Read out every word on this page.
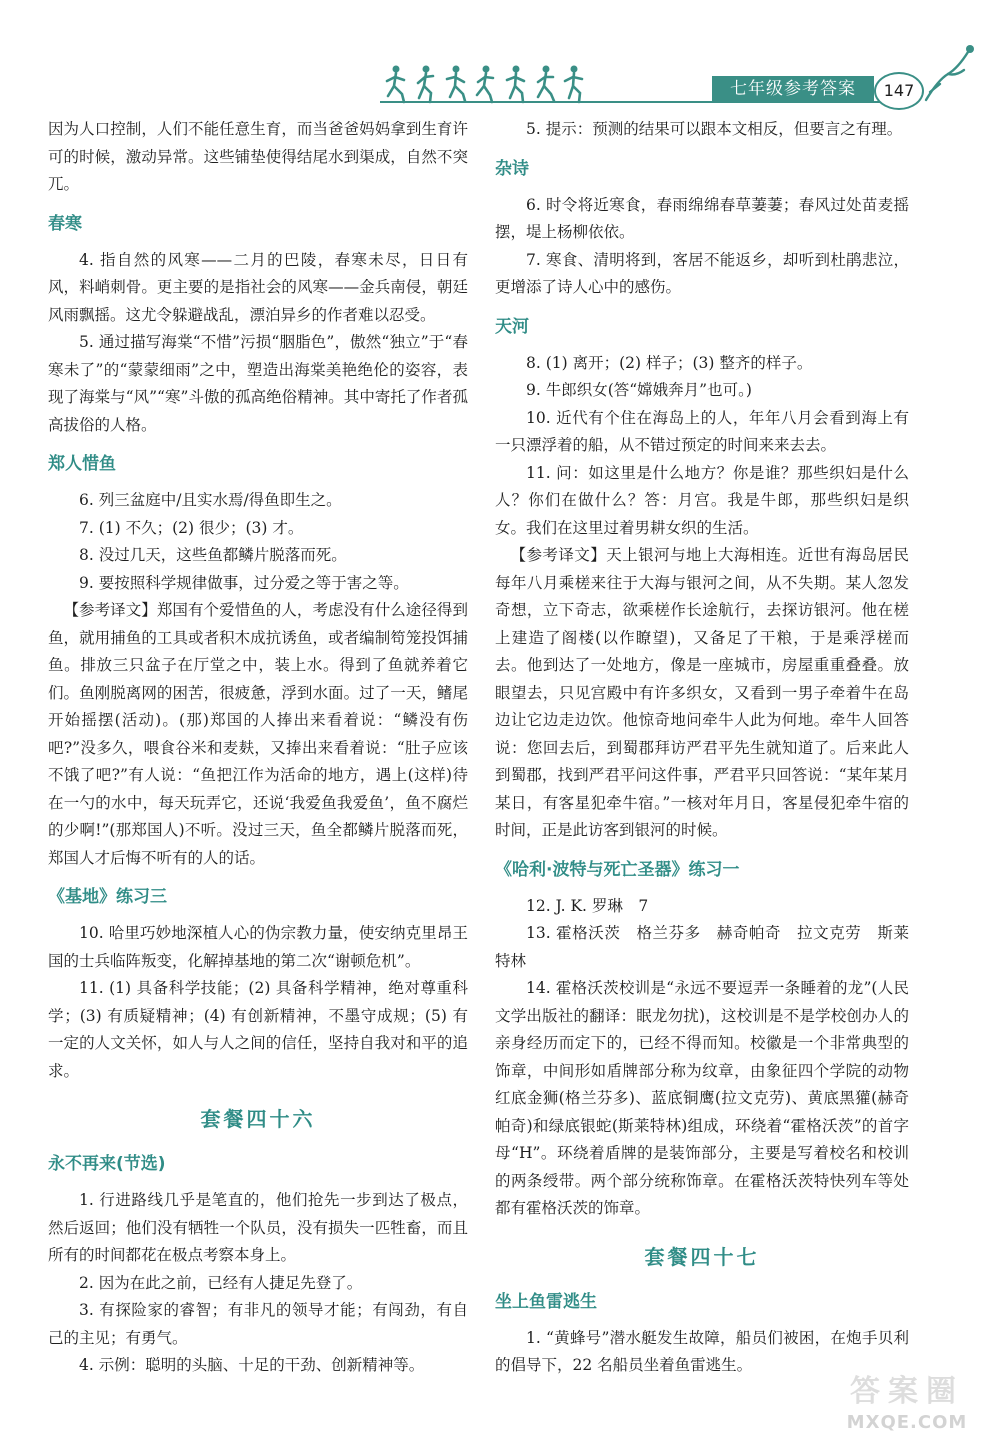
七年级参考答案	147

因为人口控制，人们不能任意生育，而当爸爸妈妈拿到生育许可的时候，激动异常。这些铺垫使得结尾水到渠成，自然不突兀。

春寒

4. 指自然的风寒——二月的巴陵，春寒未尽，日日有风，料峭刺骨。更主要的是指社会的风寒——金兵南侵，朝廷风雨飘摇。这尤令躲避战乱，漂泊异乡的作者难以忍受。

5. 通过描写海棠“不惜”污损“胭脂色”，傲然“独立”于“春寒未了”的“蒙蒙细雨”之中，塑造出海棠美艳绝伦的姿容，表现了海棠与“风”“寒”斗傲的孤高绝俗精神。其中寄托了作者孤高拔俗的人格。

郑人惜鱼

6. 列三盆庭中/且实水焉/得鱼即生之。

7. (1) 不久；(2) 很少；(3) 才。

8. 没过几天，这些鱼都鳞片脱落而死。

9. 要按照科学规律做事，过分爱之等于害之等。

【参考译文】郑国有个爱惜鱼的人，考虑没有什么途径得到鱼，就用捕鱼的工具或者积木成抗诱鱼，或者编制笱笼投饵捕鱼。排放三只盆子在厅堂之中，装上水。得到了鱼就养着它们。鱼刚脱离网的困苦，很疲惫，浮到水面。过了一天，鳍尾开始摇摆(活动)。(那)郑国的人捧出来看着说：“鳞没有伤吧?”没多久，喂食谷米和麦麸，又捧出来看着说：“肚子应该不饿了吧?”有人说：“鱼把江作为活命的地方，遇上(这样)待在一勺的水中，每天玩弄它，还说‘我爱鱼我爱鱼’，鱼不腐烂的少啊!”(那郑国人)不听。没过三天，鱼全都鳞片脱落而死，郑国人才后悔不听有的人的话。

《基地》练习三

10. 哈里巧妙地深植人心的伪宗教力量，使安纳克里昂王国的士兵临阵叛变，化解掉基地的第二次“谢顿危机”。

11. (1) 具备科学技能；(2) 具备科学精神，绝对尊重科学；(3) 有质疑精神；(4) 有创新精神，不墨守成规；(5) 有一定的人文关怀，如人与人之间的信任，坚持自我对和平的追求。

套餐四十六
永不再来(节选)

1. 行进路线几乎是笔直的，他们抢先一步到达了极点，然后返回；他们没有牺牲一个队员，没有损失一匹牲畜，而且所有的时间都花在极点考察本身上。

2. 因为在此之前，已经有人捷足先登了。

3. 有探险家的睿智；有非凡的领导才能；有闯劲，有自己的主见；有勇气。

4. 示例：聪明的头脑、十足的干劲、创新精神等。

5. 提示：预测的结果可以跟本文相反，但要言之有理。

杂诗

6. 时令将近寒食，春雨绵绵春草萋萋；春风过处苗麦摇摆，堤上杨柳依依。

7. 寒食、清明将到，客居不能返乡，却听到杜鹃悲泣，更增添了诗人心中的感伤。

天河

8. (1) 离开；(2) 样子；(3) 整齐的样子。

9. 牛郎织女(答“嫦娥奔月”也可。)

10. 近代有个住在海岛上的人，年年八月会看到海上有一只漂浮着的船，从不错过预定的时间来来去去。

11. 问：如这里是什么地方？你是谁？那些织妇是什么人？你们在做什么？答：月宫。我是牛郎，那些织妇是织女。我们在这里过着男耕女织的生活。

【参考译文】天上银河与地上大海相连。近世有海岛居民每年八月乘槎来往于大海与银河之间，从不失期。某人忽发奇想，立下奇志，欲乘槎作长途航行，去探访银河。他在槎上建造了阁楼(以作瞭望)，又备足了干粮，于是乘浮槎而去。他到达了一处地方，像是一座城市，房屋重重叠叠。放眼望去，只见宫殿中有许多织女，又看到一男子牵着牛在岛边让它边走边饮。他惊奇地问牵牛人此为何地。牵牛人回答说：您回去后，到蜀郡拜访严君平先生就知道了。后来此人到蜀郡，找到严君平问这件事，严君平只回答说：“某年某月某日，有客星犯牵牛宿。”一核对年月日，客星侵犯牵牛宿的时间，正是此访客到银河的时候。

《哈利·波特与死亡圣器》练习一

12. J. K. 罗琳　7

13. 霍格沃茨　格兰芬多　赫奇帕奇　拉文克劳　斯莱特林

14. 霍格沃茨校训是“永远不要逗弄一条睡着的龙”(人民文学出版社的翻译：眠龙勿扰)，这校训是不是学校创办人的亲身经历而定下的，已经不得而知。校徽是一个非常典型的饰章，中间形如盾牌部分称为纹章，由象征四个学院的动物红底金狮(格兰芬多)、蓝底铜鹰(拉文克劳)、黄底黑獾(赫奇帕奇)和绿底银蛇(斯莱特林)组成，环绕着“霍格沃茨”的首字母“H”。环绕着盾牌的是装饰部分，主要是写着校名和校训的两条绶带。两个部分统称饰章。在霍格沃茨特快列车等处都有霍格沃茨的饰章。

套餐四十七
坐上鱼雷逃生

1. “黄蜂号”潜水艇发生故障，船员们被困，在炮手贝利的倡导下，22 名船员坐着鱼雷逃生。

答案圈
MXQE.COM
